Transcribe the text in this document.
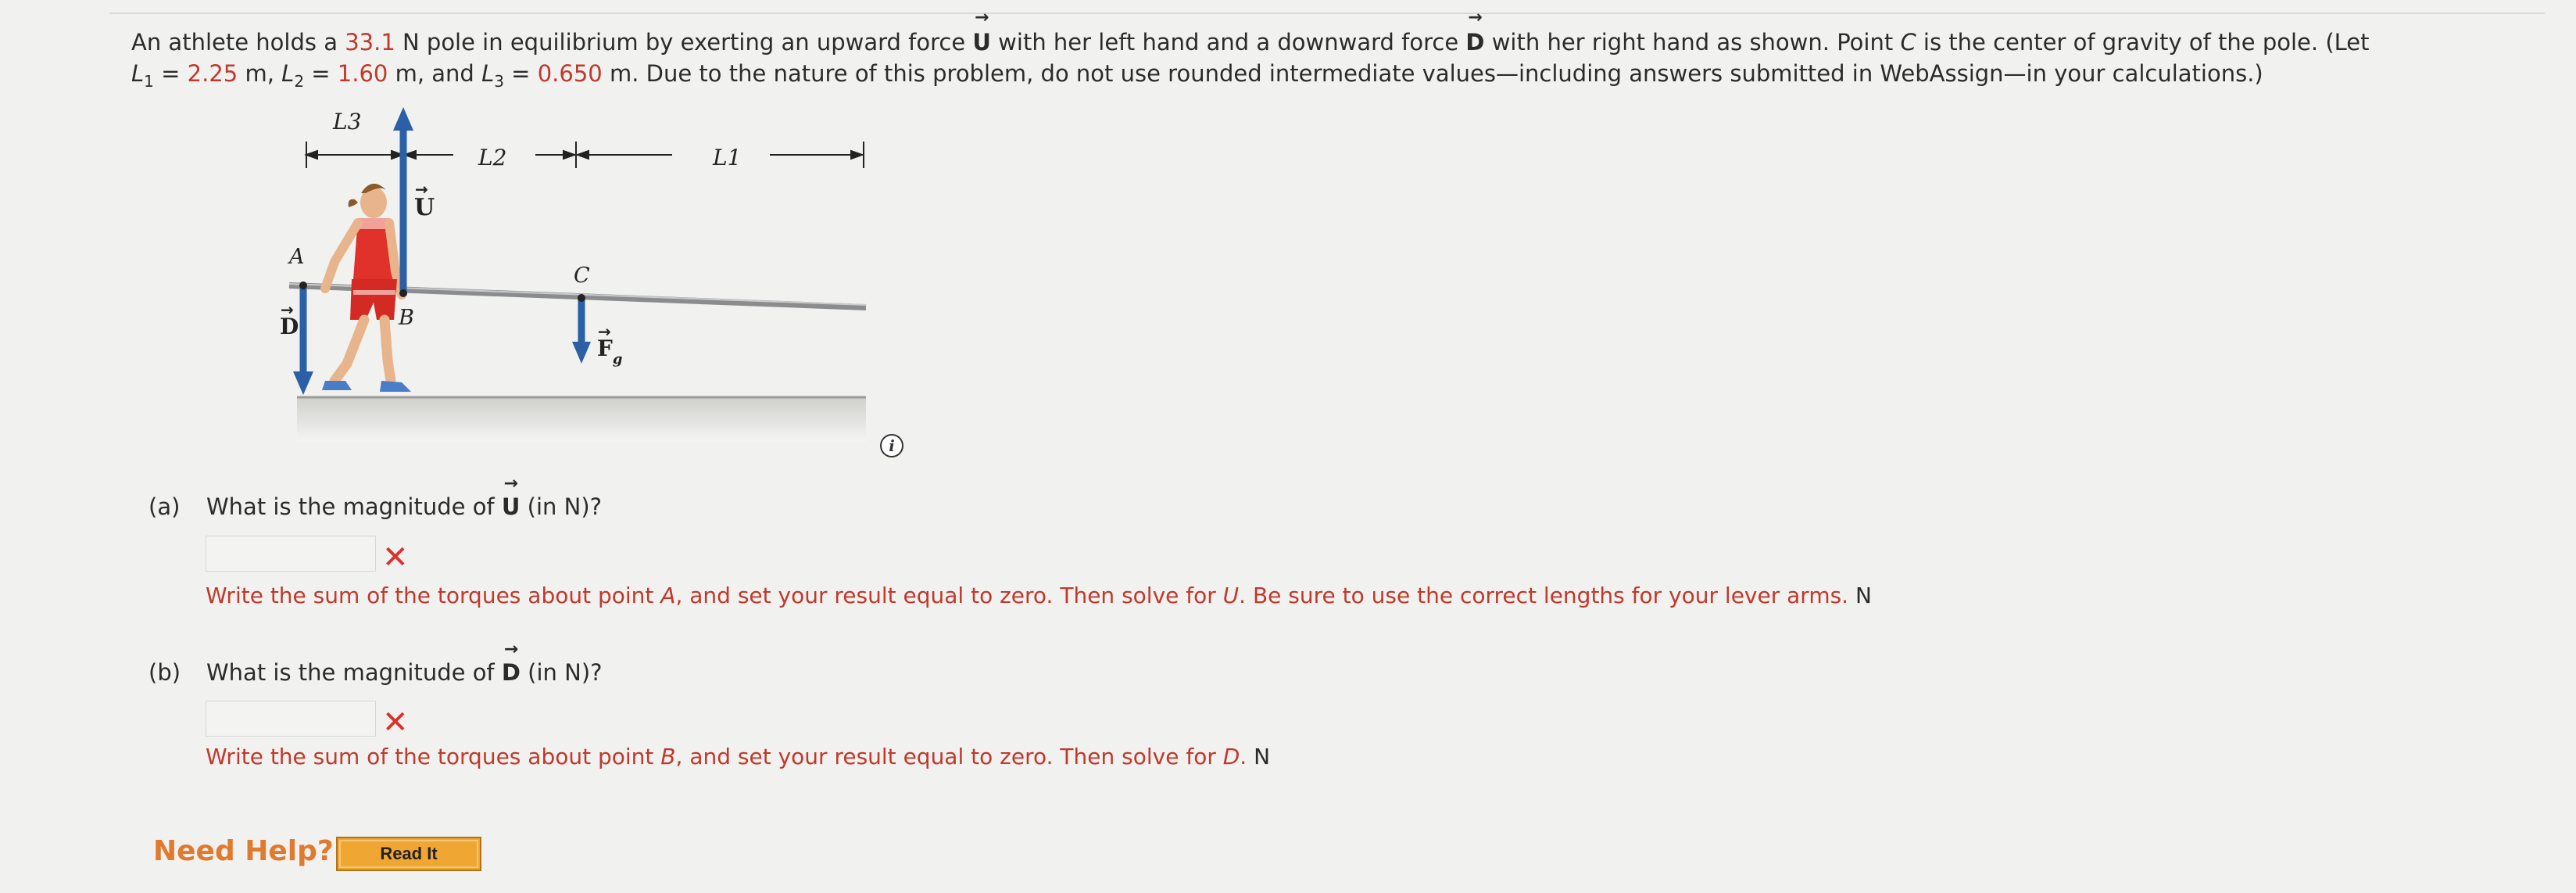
An athlete holds a 33.1 N pole in equilibrium by exerting an upward force → U with her left hand and a downward force → D with her right hand as shown. Point C is the center of gravity of the pole. (Let
$L_1 = 2.25$ m, $L_2 = 1.60$ m, and $L_3 = 0.650$ m. Due to the nature of this problem, do not use rounded intermediate values—including answers submitted in WebAssign—in your calculations.)
L3
L2	L1
U
→
B
A
D
→
C
$F_g$
→
i
(a) What is the magnitude of → U (in N)?
✕
Write the sum of the torques about point A, and set your result equal to zero. Then solve for U. Be sure to use the correct lengths for your lever arms. N
(b) What is the magnitude of → D (in N)?
✕
Write the sum of the torques about point B, and set your result equal to zero. Then solve for D. N
Need Help?	Read It
